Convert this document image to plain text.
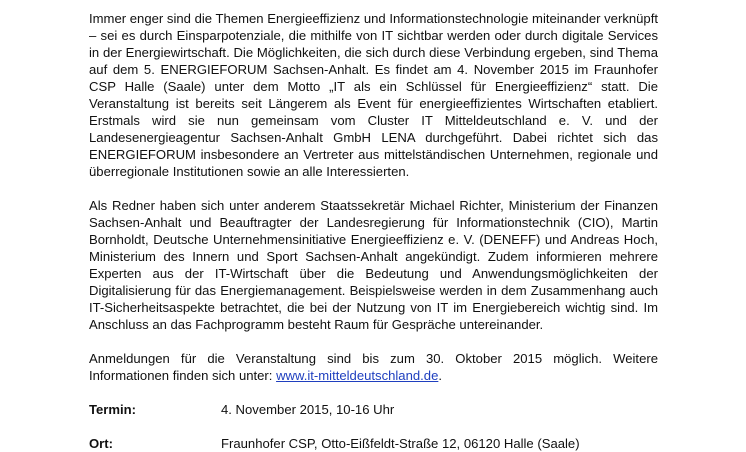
Immer enger sind die Themen Energieeffizienz und Informationstechnologie miteinander verknüpft – sei es durch Einsparpotenziale, die mithilfe von IT sichtbar werden oder durch digitale Services in der Energiewirtschaft. Die Möglichkeiten, die sich durch diese Verbindung ergeben, sind Thema auf dem 5. ENERGIEFORUM Sachsen-Anhalt. Es findet am 4. November 2015 im Fraunhofer CSP Halle (Saale) unter dem Motto „IT als ein Schlüssel für Energieeffizienz“ statt. Die Veranstaltung ist bereits seit Längerem als Event für energieeffizientes Wirtschaften etabliert. Erstmals wird sie nun gemeinsam vom Cluster IT Mitteldeutschland e. V. und der Landesenergieagentur Sachsen-Anhalt GmbH LENA durchgeführt. Dabei richtet sich das ENERGIEFORUM insbesondere an Vertreter aus mittelständischen Unternehmen, regionale und überregionale Institutionen sowie an alle Interessierten.

Als Redner haben sich unter anderem Staatssekretär Michael Richter, Ministerium der Finanzen Sachsen-Anhalt und Beauftragter der Landesregierung für Informationstechnik (CIO), Martin Bornholdt, Deutsche Unternehmensinitiative Energieeffizienz e. V. (DENEFF) und Andreas Hoch, Ministerium des Innern und Sport Sachsen-Anhalt angekündigt. Zudem informieren mehrere Experten aus der IT-Wirtschaft über die Bedeutung und Anwendungsmöglichkeiten der Digitalisierung für das Energiemanagement. Beispielsweise werden in dem Zusammenhang auch IT-Sicherheitsaspekte betrachtet, die bei der Nutzung von IT im Energiebereich wichtig sind. Im Anschluss an das Fachprogramm besteht Raum für Gespräche untereinander.

Anmeldungen für die Veranstaltung sind bis zum 30. Oktober 2015 möglich. Weitere Informationen finden sich unter: www.it-mitteldeutschland.de.

Termin:	4. November 2015, 10-16 Uhr
Ort:	Fraunhofer CSP, Otto-Eißfeldt-Straße 12, 06120 Halle (Saale)
